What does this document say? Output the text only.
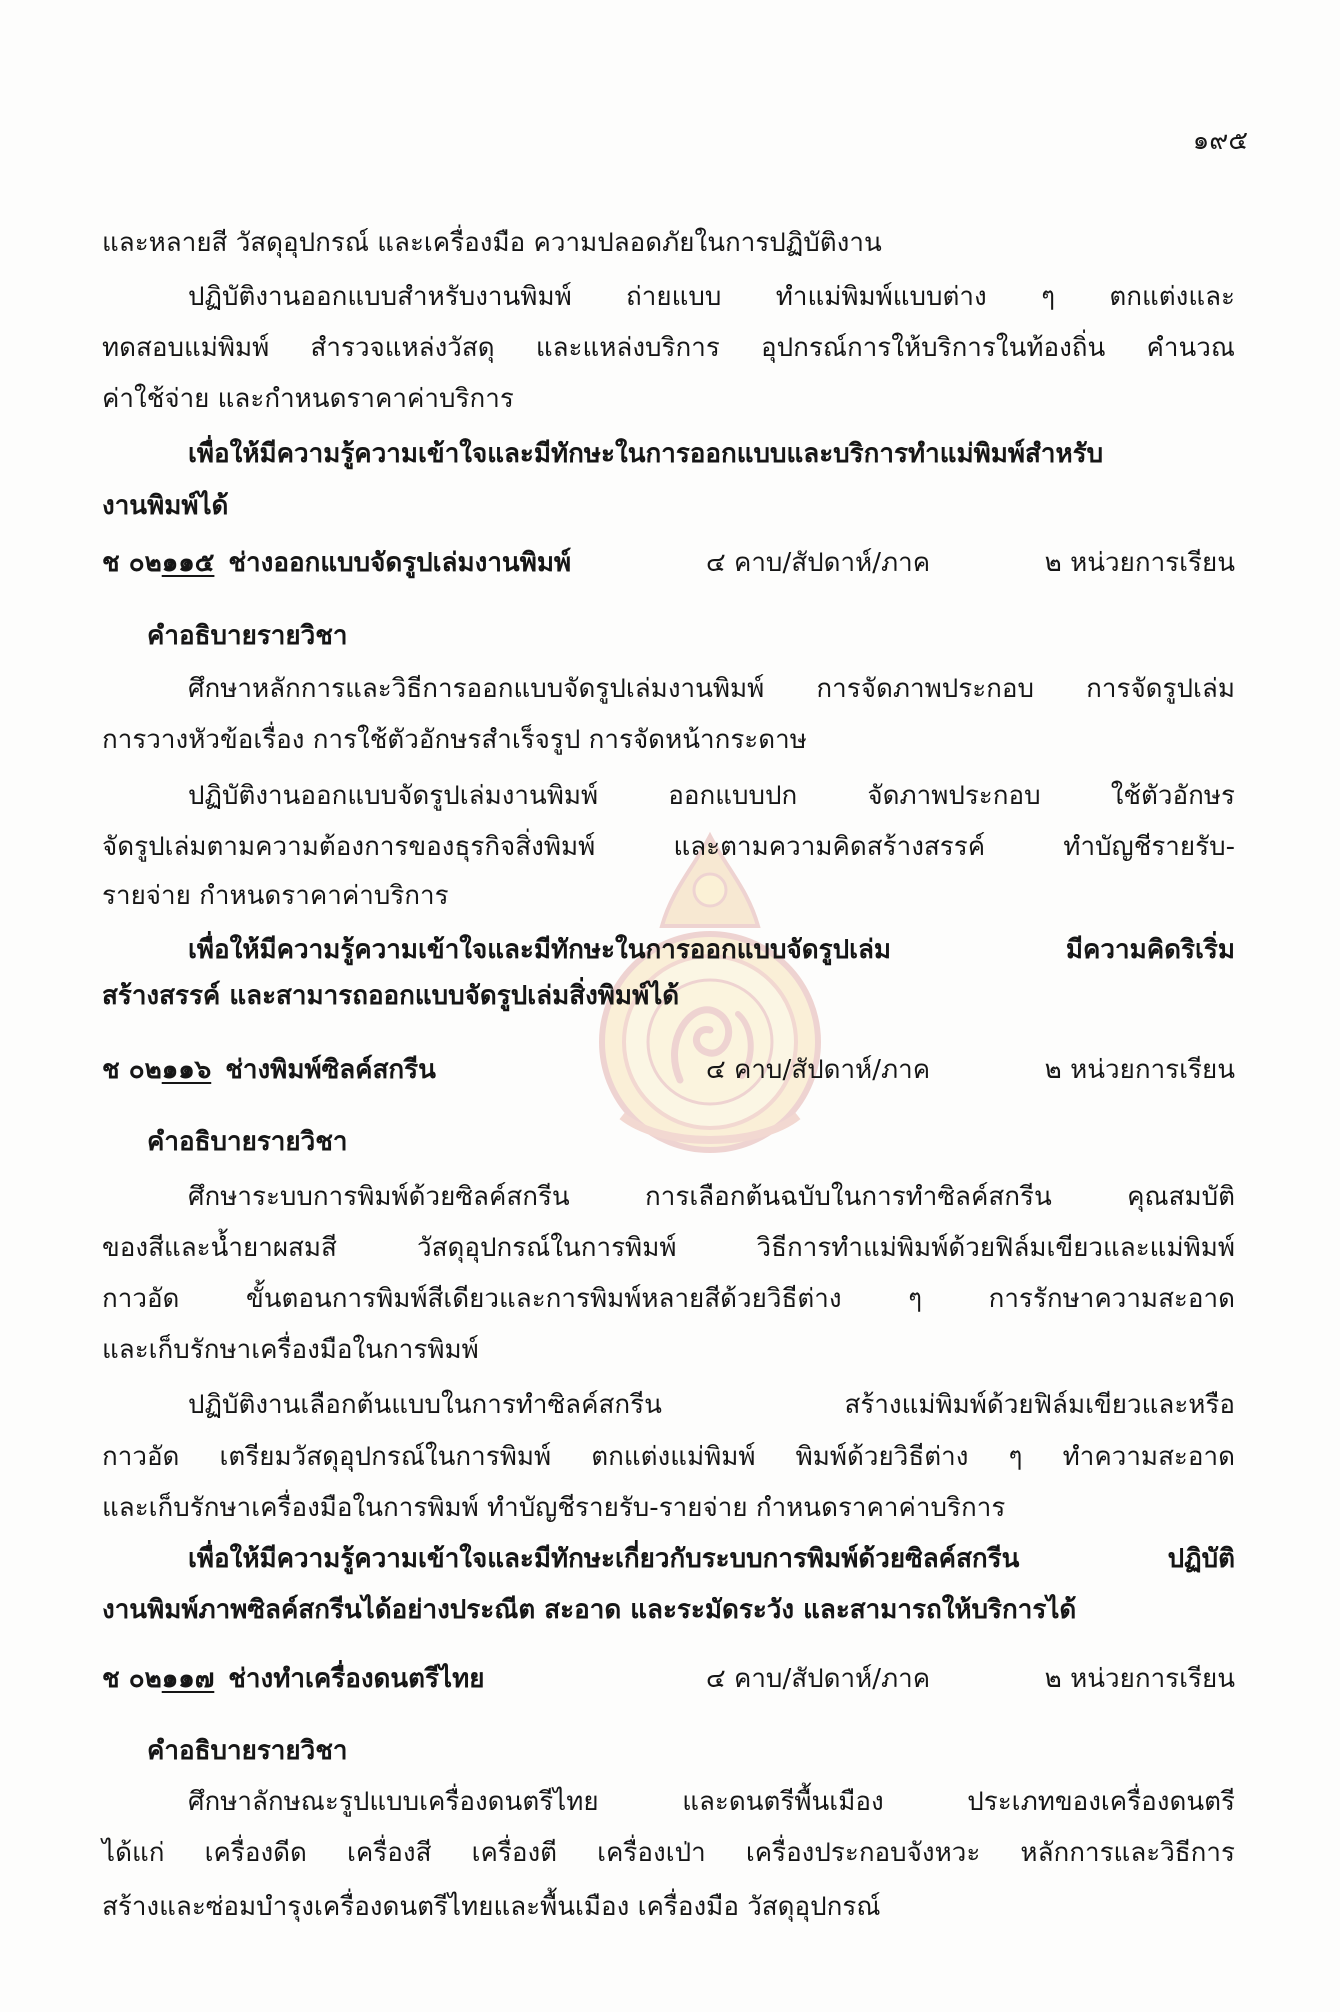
๑๙๕
และหลายสี วัสดุอุปกรณ์ และเครื่องมือ ความปลอดภัยในการปฏิบัติงาน
ปฏิบัติงานออกแบบสำหรับงานพิมพ์ ถ่ายแบบ ทำแม่พิมพ์แบบต่าง ๆ ตกแต่งและ
ทดสอบแม่พิมพ์ สำรวจแหล่งวัสดุ และแหล่งบริการ อุปกรณ์การให้บริการในท้องถิ่น คำนวณ
ค่าใช้จ่าย และกำหนดราคาค่าบริการ
เพื่อให้มีความรู้ความเข้าใจและมีทักษะในการออกแบบและบริการทำแม่พิมพ์สำหรับ
งานพิมพ์ได้
ช ๐๒๑๑๕ ช่างออกแบบจัดรูปเล่มงานพิมพ์	๔ คาบ/สัปดาห์/ภาค	๒ หน่วยการเรียน
คำอธิบายรายวิชา
ศึกษาหลักการและวิธีการออกแบบจัดรูปเล่มงานพิมพ์ การจัดภาพประกอบ การจัดรูปเล่ม
การวางหัวข้อเรื่อง การใช้ตัวอักษรสำเร็จรูป การจัดหน้ากระดาษ
ปฏิบัติงานออกแบบจัดรูปเล่มงานพิมพ์ ออกแบบปก จัดภาพประกอบ ใช้ตัวอักษร
จัดรูปเล่มตามความต้องการของธุรกิจสิ่งพิมพ์ และตามความคิดสร้างสรรค์ ทำบัญชีรายรับ-
รายจ่าย กำหนดราคาค่าบริการ
เพื่อให้มีความรู้ความเข้าใจและมีทักษะในการออกแบบจัดรูปเล่ม มีความคิดริเริ่ม
สร้างสรรค์ และสามารถออกแบบจัดรูปเล่มสิ่งพิมพ์ได้
ช ๐๒๑๑๖ ช่างพิมพ์ซิลค์สกรีน	๔ คาบ/สัปดาห์/ภาค	๒ หน่วยการเรียน
คำอธิบายรายวิชา
ศึกษาระบบการพิมพ์ด้วยซิลค์สกรีน การเลือกต้นฉบับในการทำซิลค์สกรีน คุณสมบัติ
ของสีและน้ำยาผสมสี วัสดุอุปกรณ์ในการพิมพ์ วิธีการทำแม่พิมพ์ด้วยฟิล์มเขียวและแม่พิมพ์
กาวอัด ขั้นตอนการพิมพ์สีเดียวและการพิมพ์หลายสีด้วยวิธีต่าง ๆ การรักษาความสะอาด
และเก็บรักษาเครื่องมือในการพิมพ์
ปฏิบัติงานเลือกต้นแบบในการทำซิลค์สกรีน สร้างแม่พิมพ์ด้วยฟิล์มเขียวและหรือ
กาวอัด เตรียมวัสดุอุปกรณ์ในการพิมพ์ ตกแต่งแม่พิมพ์ พิมพ์ด้วยวิธีต่าง ๆ ทำความสะอาด
และเก็บรักษาเครื่องมือในการพิมพ์ ทำบัญชีรายรับ-รายจ่าย กำหนดราคาค่าบริการ
เพื่อให้มีความรู้ความเข้าใจและมีทักษะเกี่ยวกับระบบการพิมพ์ด้วยซิลค์สกรีน ปฏิบัติ
งานพิมพ์ภาพซิลค์สกรีนได้อย่างประณีต สะอาด และระมัดระวัง และสามารถให้บริการได้
ช ๐๒๑๑๗ ช่างทำเครื่องดนตรีไทย	๔ คาบ/สัปดาห์/ภาค	๒ หน่วยการเรียน
คำอธิบายรายวิชา
ศึกษาลักษณะรูปแบบเครื่องดนตรีไทย และดนตรีพื้นเมือง ประเภทของเครื่องดนตรี
ได้แก่ เครื่องดีด เครื่องสี เครื่องตี เครื่องเป่า เครื่องประกอบจังหวะ หลักการและวิธีการ
สร้างและซ่อมบำรุงเครื่องดนตรีไทยและพื้นเมือง เครื่องมือ วัสดุอุปกรณ์
